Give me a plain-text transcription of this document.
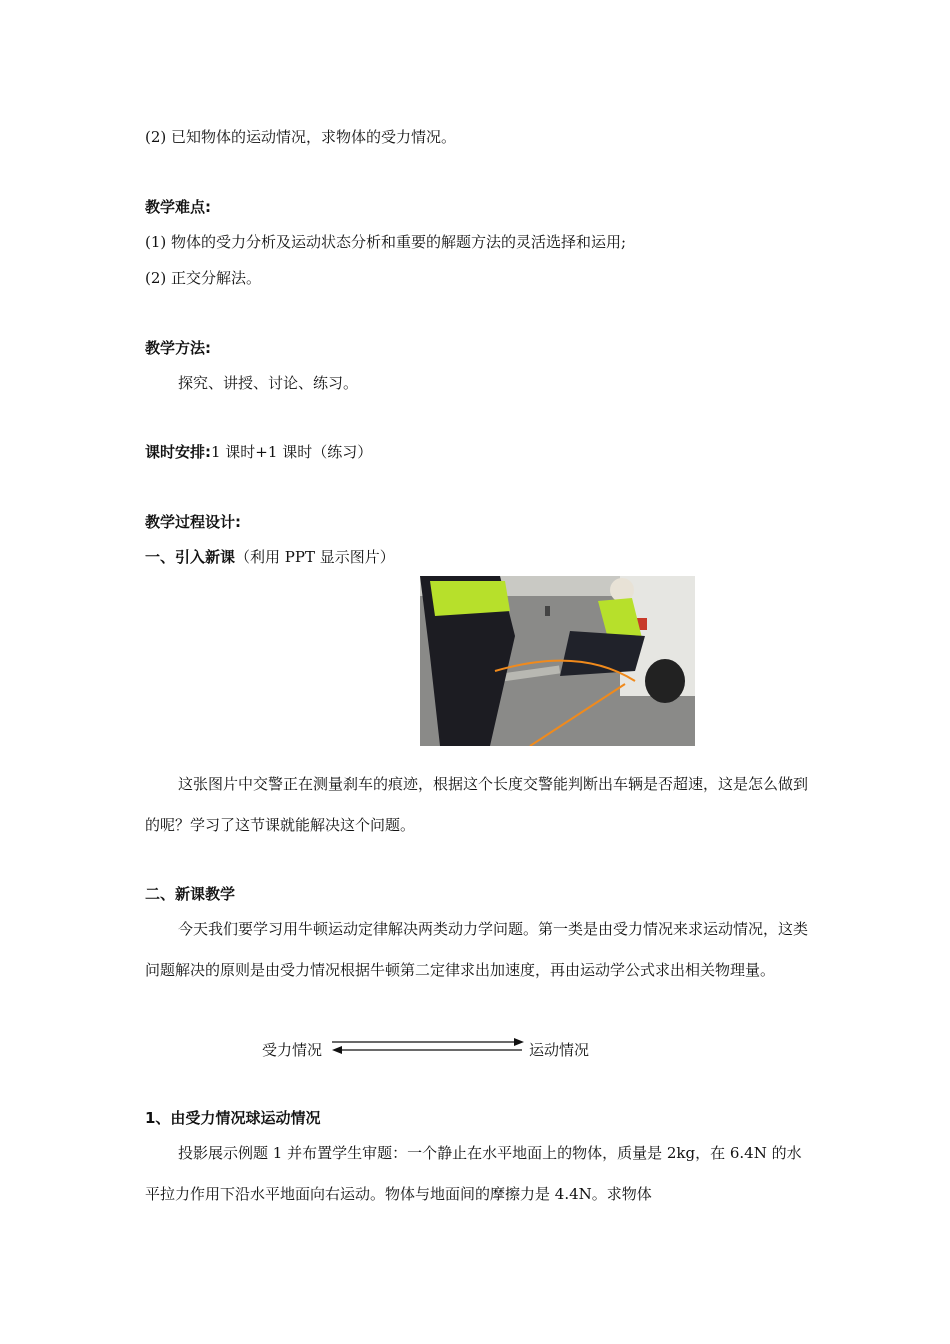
(2) 已知物体的运动情况，求物体的受力情况。
教学难点:
(1) 物体的受力分析及运动状态分析和重要的解题方法的灵活选择和运用;
(2) 正交分解法。
教学方法:
探究、讲授、讨论、练习。
课时安排:1 课时+1 课时（练习）
教学过程设计:
一、引入新课（利用 PPT 显示图片）
这张图片中交警正在测量刹车的痕迹，根据这个长度交警能判断出车辆是否超速，这是怎么做到的呢？学习了这节课就能解决这个问题。
二、新课教学
今天我们要学习用牛顿运动定律解决两类动力学问题。第一类是由受力情况来求运动情况，这类问题解决的原则是由受力情况根据牛顿第二定律求出加速度，再由运动学公式求出相关物理量。
受力情况	运动情况
1、由受力情况球运动情况
投影展示例题 1 并布置学生审题：一个静止在水平地面上的物体，质量是 2kg，在 6.4N 的水平拉力作用下沿水平地面向右运动。物体与地面间的摩擦力是 4.4N。求物体
